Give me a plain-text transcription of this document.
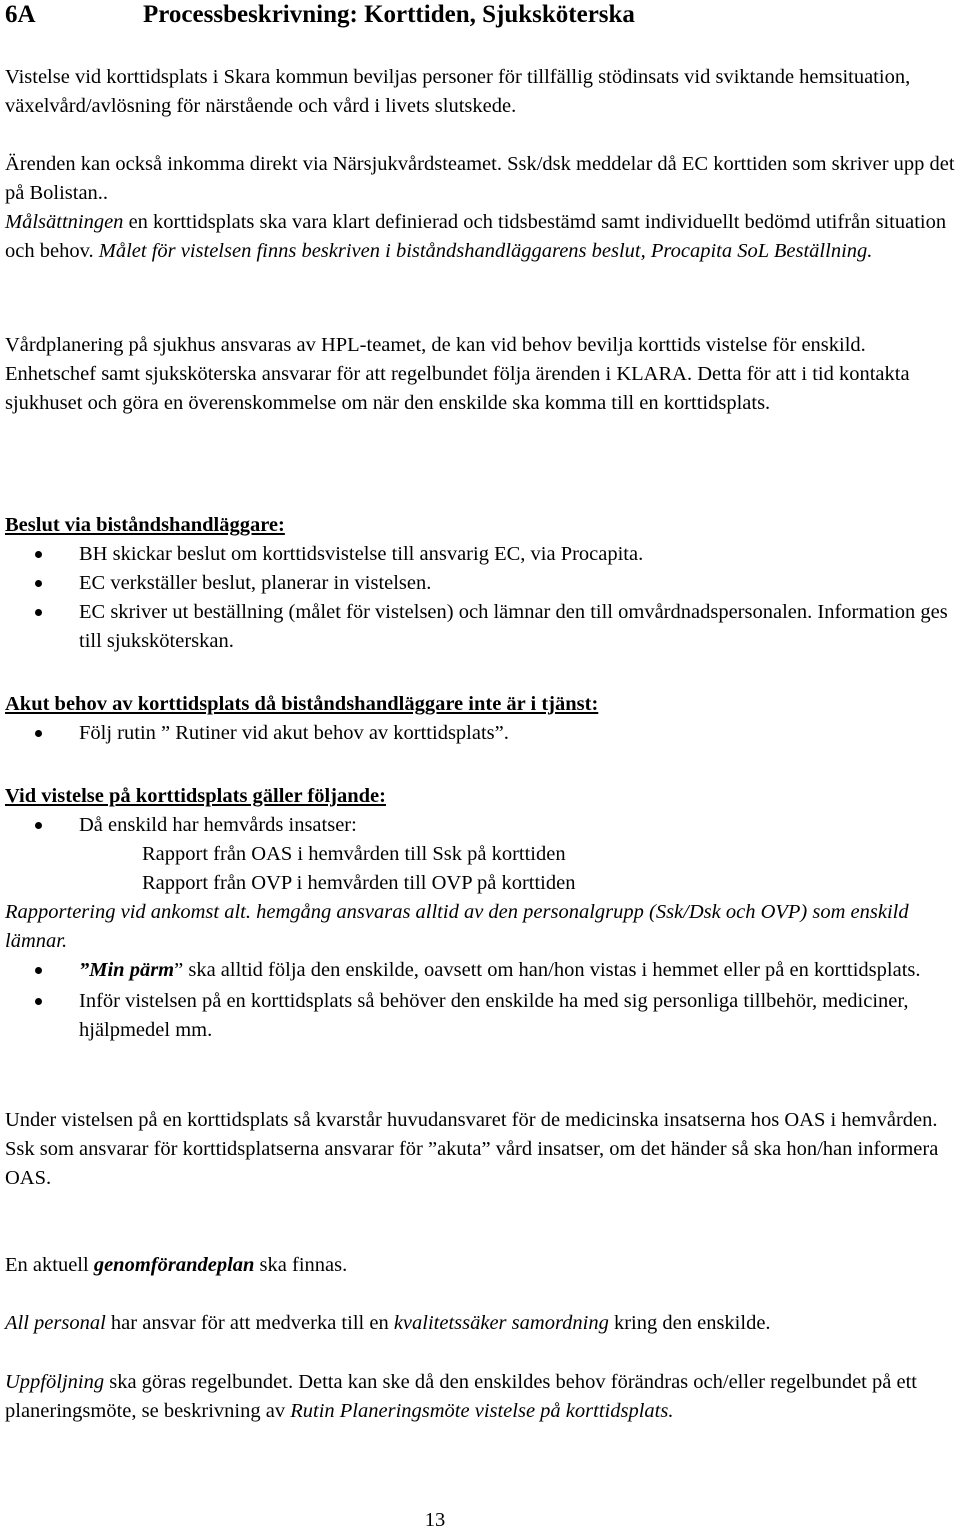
6A	Processbeskrivning: Korttiden, Sjuksköterska

Vistelse vid korttidsplats i Skara kommun beviljas personer för tillfällig stödinsats vid sviktande hemsituation, växelvård/avlösning för närstående och vård i livets slutskede.

Ärenden kan också inkomma direkt via Närsjukvårdsteamet. Ssk/dsk meddelar då EC korttiden som skriver upp det på Bolistan..

Målsättningen en korttidsplats ska vara klart definierad och tidsbestämd samt individuellt bedömd utifrån situation och behov. Målet för vistelsen finns beskriven i biståndshandläggarens beslut, Procapita SoL Beställning.

Vårdplanering på sjukhus ansvaras av HPL-teamet, de kan vid behov bevilja korttids vistelse för enskild.

Enhetschef samt sjuksköterska ansvarar för att regelbundet följa ärenden i KLARA. Detta för att i tid kontakta sjukhuset och göra en överenskommelse om när den enskilde ska komma till en korttidsplats.

Beslut via biståndshandläggare:

BH skickar beslut om korttidsvistelse till ansvarig EC, via Procapita.
EC verkställer beslut, planerar in vistelsen.
EC skriver ut beställning (målet för vistelsen) och lämnar den till omvårdnadspersonalen. Information ges till sjuksköterskan.

Akut behov av korttidsplats då biståndshandläggare inte är i tjänst:

Följ rutin ” Rutiner vid akut behov av korttidsplats”.

Vid vistelse på korttidsplats gäller följande:

Då enskild har hemvårds insatser:

Rapport från OAS i hemvården till Ssk på korttiden

Rapport från OVP i hemvården till OVP på korttiden

Rapportering vid ankomst alt. hemgång ansvaras alltid av den personalgrupp (Ssk/Dsk och OVP) som enskild lämnar.

”Min pärm” ska alltid följa den enskilde, oavsett om han/hon vistas i hemmet eller på en korttidsplats.
Inför vistelsen på en korttidsplats så behöver den enskilde ha med sig personliga tillbehör, mediciner, hjälpmedel mm.

Under vistelsen på en korttidsplats så kvarstår huvudansvaret för de medicinska insatserna hos OAS i hemvården.

Ssk som ansvarar för korttidsplatserna ansvarar för ”akuta” vård insatser, om det händer så ska hon/han informera OAS.

En aktuell genomförandeplan ska finnas.

All personal har ansvar för att medverka till en kvalitetssäker samordning kring den enskilde.

Uppföljning ska göras regelbundet. Detta kan ske då den enskildes behov förändras och/eller regelbundet på ett planeringsmöte, se beskrivning av Rutin Planeringsmöte vistelse på korttidsplats.

13
